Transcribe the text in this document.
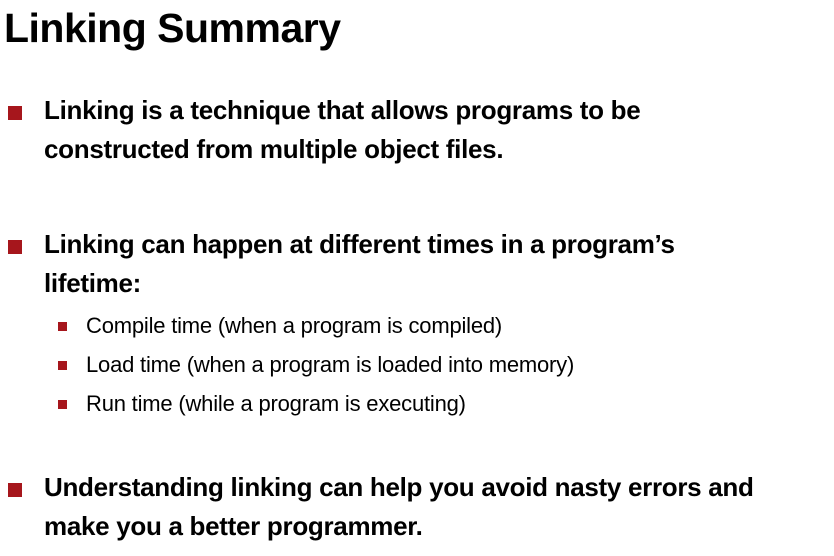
Linking Summary

Linking is a technique that allows programs to be
constructed from multiple object files.

Linking can happen at different times in a program’s
lifetime:

Compile time (when a program is compiled)

Load time (when a program is loaded into memory)

Run time (while a program is executing)

Understanding linking can help you avoid nasty errors and
make you a better programmer.
